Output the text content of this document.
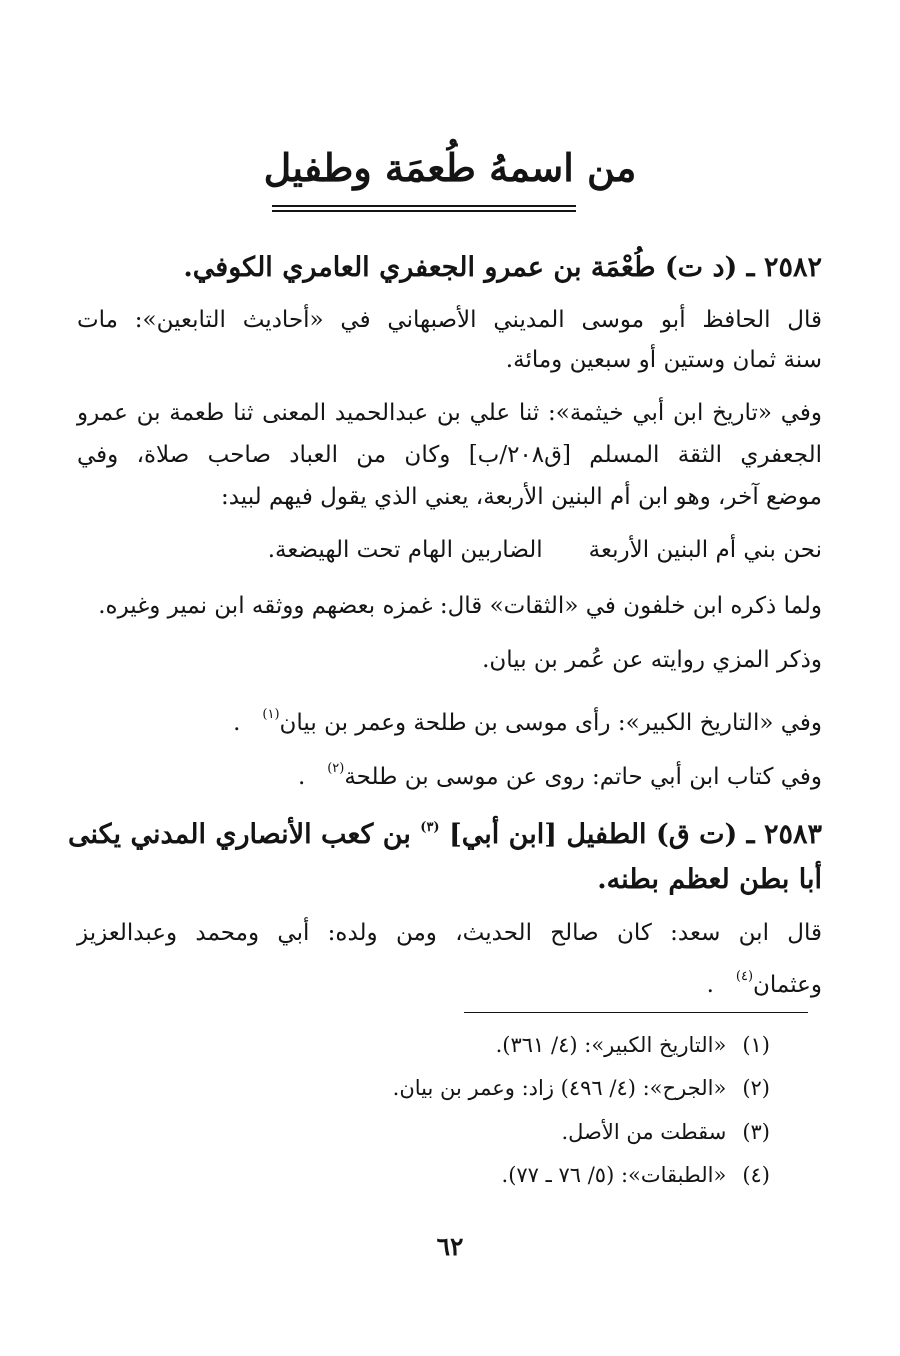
من اسمهُ طُعمَة وطفيل
٢٥٨٢ ـ (د ت) طُعْمَة بن عمرو الجعفري العامري الكوفي.
قال الحافظ أبو موسى المديني الأصبهاني في «أحاديث التابعين»: مات
سنة ثمان وستين أو سبعين ومائة.
وفي «تاريخ ابن أبي خيثمة»: ثنا علي بن عبدالحميد المعنى ثنا طعمة بن عمرو
الجعفري الثقة المسلم [ق٢٠٨/ب] وكان من العباد صاحب صلاة، وفي
موضع آخر، وهو ابن أم البنين الأربعة، يعني الذي يقول فيهم لبيد:
نحن بني أم البنين الأربعةالضاربين الهام تحت الهيضعة.
ولما ذكره ابن خلفون في «الثقات» قال: غمزه بعضهم ووثقه ابن نمير وغيره.
وذكر المزي روايته عن عُمر بن بيان.
وفي «التاريخ الكبير»: رأى موسى بن طلحة وعمر بن بيان$^{(١)}$   .
وفي كتاب ابن أبي حاتم: روى عن موسى بن طلحة$^{(٢)}$   .
٢٥٨٣ ـ (ت ق) الطفيل [ابن أبي] $^{(٣)}$ بن كعب الأنصاري المدني يكنى
أبا بطن لعظم بطنه.
قال ابن سعد: كان صالح الحديث، ومن ولده: أبي ومحمد وعبدالعزيز
وعثمان$^{(٤)}$   .
(١)«التاريخ الكبير»: (٤/ ٣٦١).
(٢)«الجرح»: (٤/ ٤٩٦) زاد: وعمر بن بيان.
(٣)سقطت من الأصل.
(٤)«الطبقات»: (٥/ ٧٦ ـ ٧٧).
٦٢
